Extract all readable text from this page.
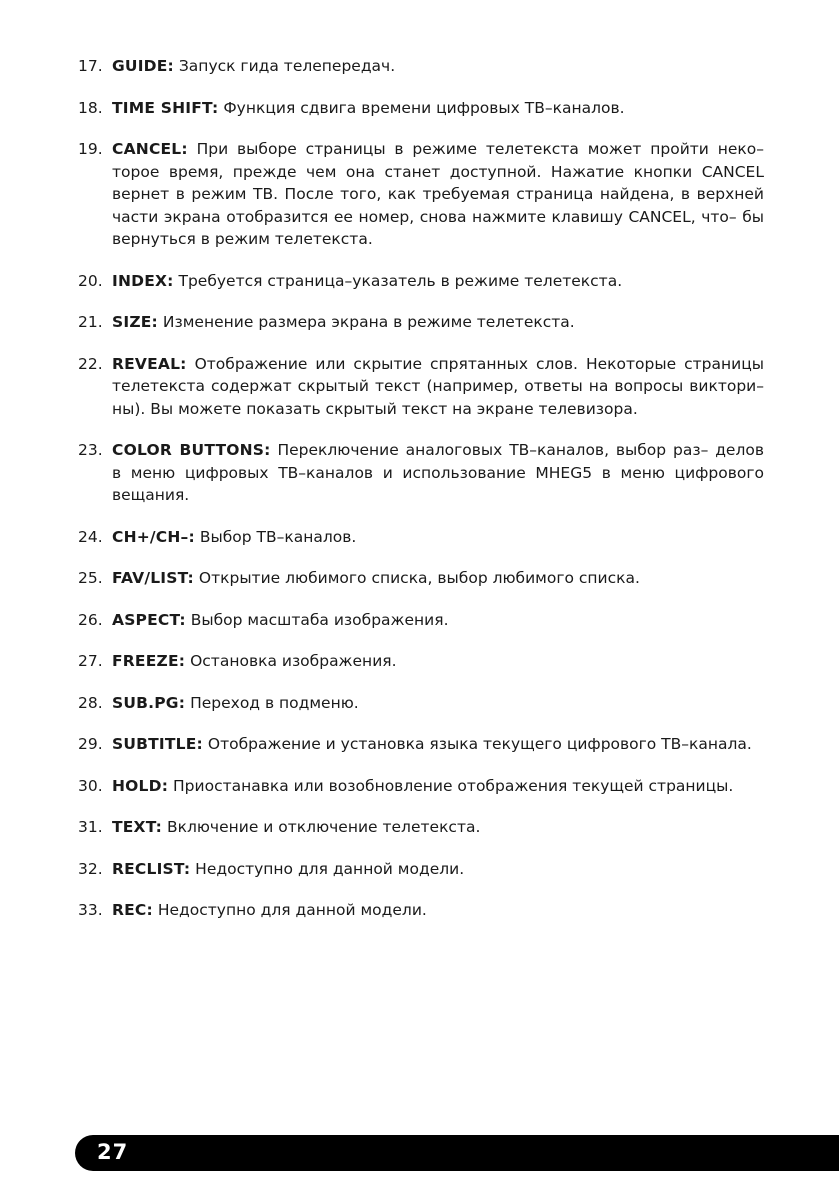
17. GUIDE: Запуск гида телепередач.
18. TIME SHIFT: Функция сдвига времени цифровых ТВ–каналов.
19. CANCEL: При выборе страницы в режиме телетекста может пройти неко– торое время, прежде чем она станет доступной. Нажатие кнопки CANCEL вернет в режим ТВ. После того, как требуемая страница найдена, в верхней части экрана отобразится ее номер, снова нажмите клавишу CANCEL, что– бы вернуться в режим телетекста.
20. INDEX: Требуется страница–указатель в режиме телетекста.
21. SIZE: Изменение размера экрана в режиме телетекста.
22. REVEAL: Отображение или скрытие спрятанных слов. Некоторые страницы телетекста содержат скрытый текст (например, ответы на вопросы виктори– ны). Вы можете показать скрытый текст на экране телевизора.
23. COLOR BUTTONS: Переключение аналоговых ТВ–каналов, выбор раз– делов в меню цифровых ТВ–каналов и использование MHEG5 в меню цифрового вещания.
24. CH+/CH–: Выбор ТВ–каналов.
25. FAV/LIST: Открытие любимого списка, выбор любимого списка.
26. ASPECT: Выбор масштаба изображения.
27. FREEZE: Остановка изображения.
28. SUB.PG: Переход в подменю.
29. SUBTITLE: Отображение и установка языка текущего цифрового ТВ–канала.
30. HOLD: Приостанавка или возобновление отображения текущей страницы.
31. TEXT: Включение и отключение телетекста.
32. RECLIST: Недоступно для данной модели.
33. REC: Недоступно для данной модели.
27
